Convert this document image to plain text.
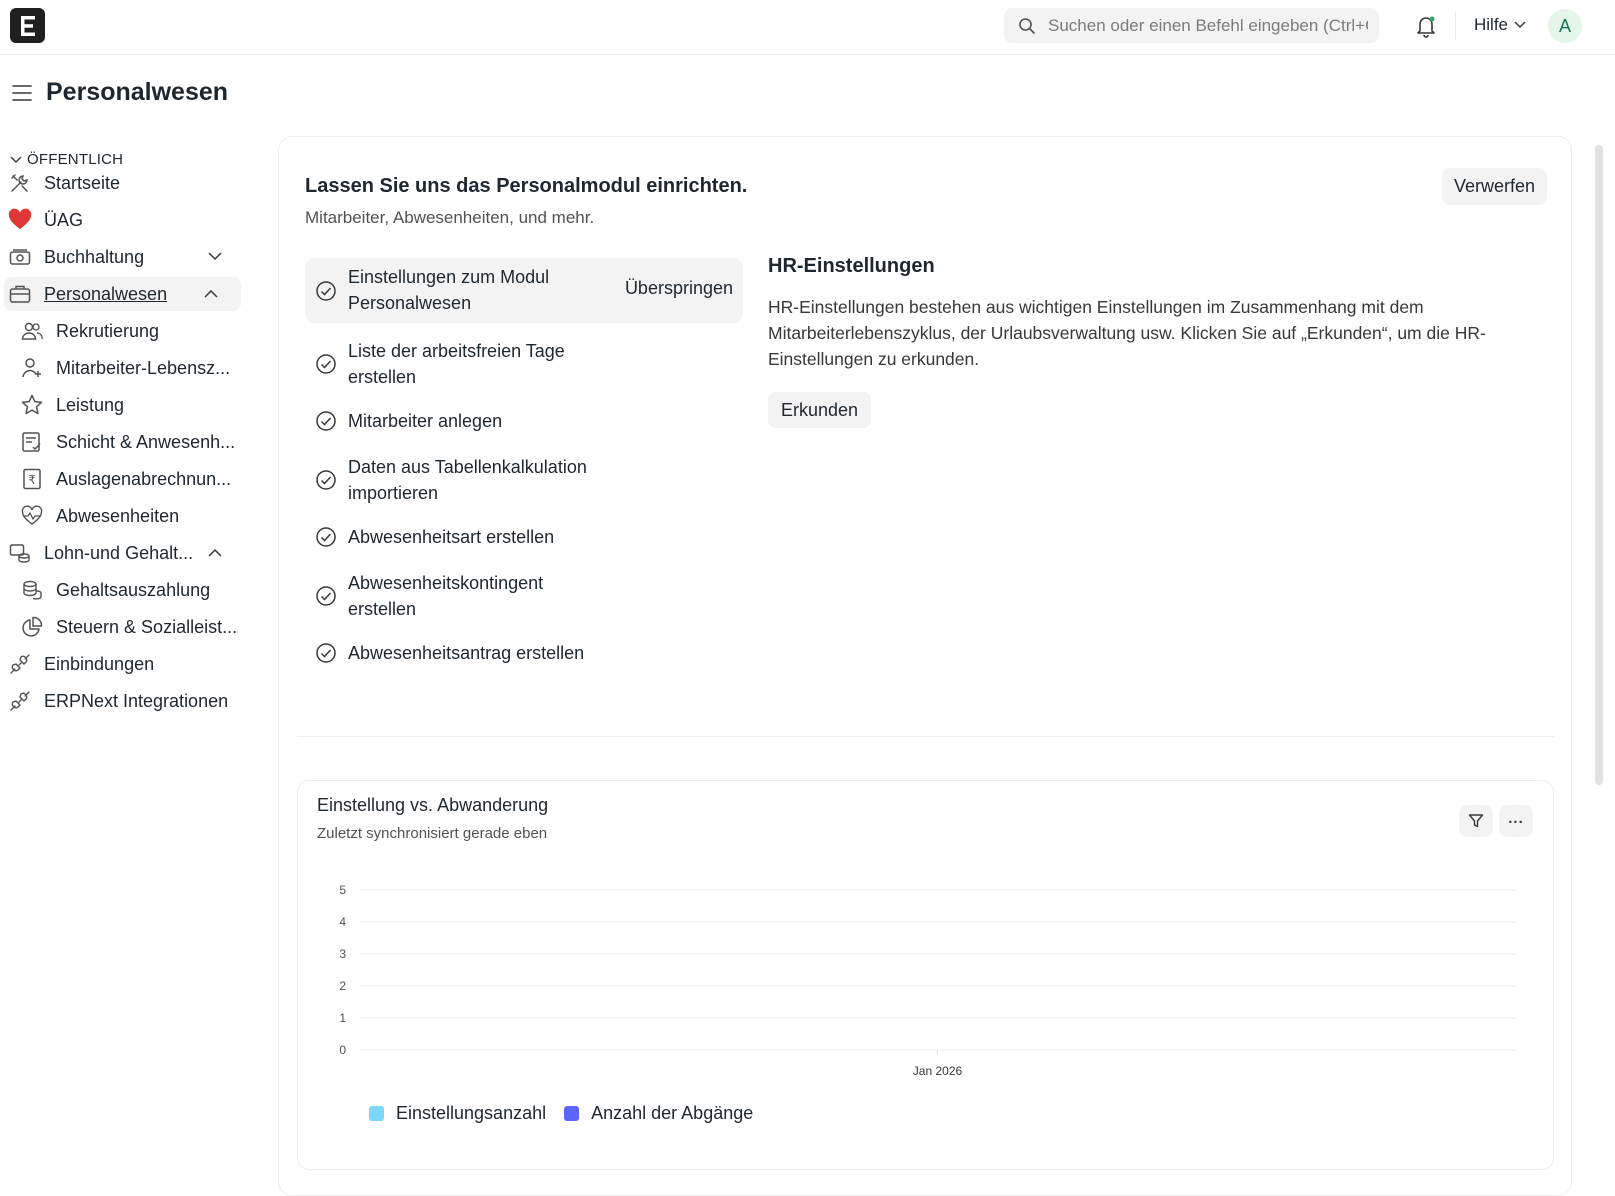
Suchen oder einen Befehl eingeben (Ctrl+G)
Hilfe	A
Personalwesen
ÖFFENTLICH
Startseite
ÜAG
Buchhaltung
Personalwesen
Rekrutierung
Mitarbeiter-Lebensz...
Leistung
Schicht & Anwesenh...
₹ Auslagenabrechnun...
Abwesenheiten
Lohn-und Gehalt...
Gehaltsauszahlung
Steuern & Sozialleist...
Einbindungen
ERPNext Integrationen
Lassen Sie uns das Personalmodul einrichten.
Mitarbeiter, Abwesenheiten, und mehr.
Verwerfen
Einstellungen zum Modul Personalwesen
Überspringen
Liste der arbeitsfreien Tage erstellen
Mitarbeiter anlegen
Daten aus Tabellenkalkulation importieren
Abwesenheitsart erstellen
Abwesenheitskontingent erstellen
Abwesenheitsantrag erstellen
HR-Einstellungen
HR-Einstellungen bestehen aus wichtigen Einstellungen im Zusammenhang mit dem Mitarbeiterlebenszyklus, der Urlaubsverwaltung usw. Klicken Sie auf „Erkunden“, um die HR-Einstellungen zu erkunden.
Erkunden
Einstellung vs. Abwanderung
Zuletzt synchronisiert gerade eben
...
0
1
2
3
4
5
Jan 2026
Einstellungsanzahl	Anzahl der Abgänge
